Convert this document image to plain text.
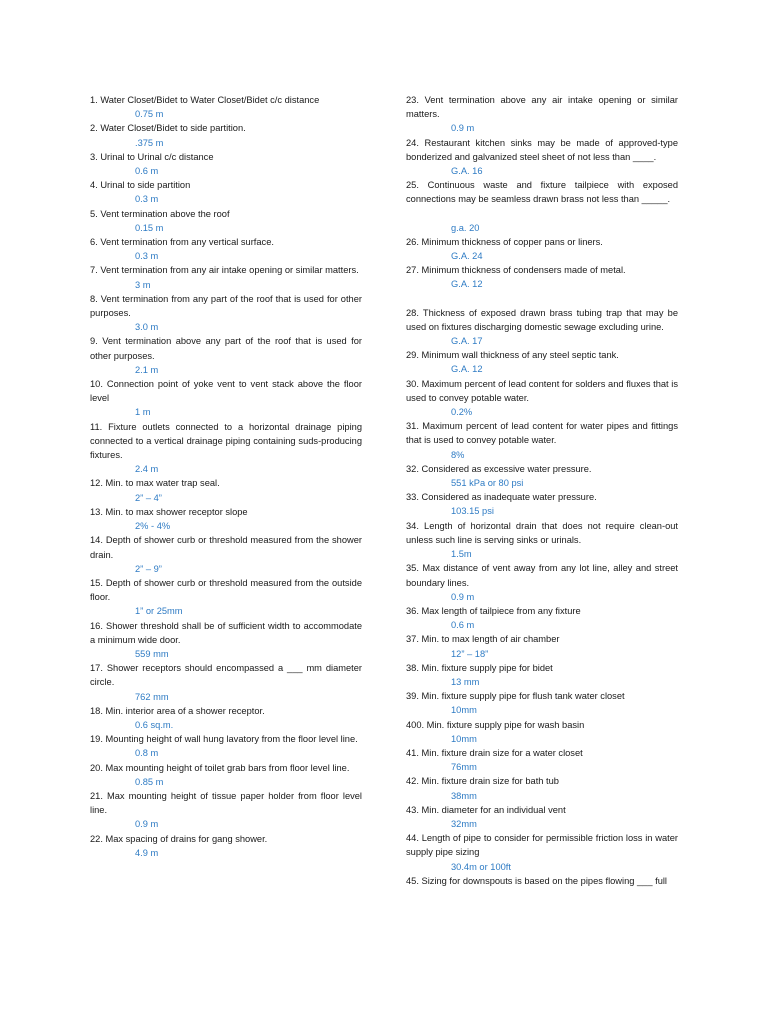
1. Water Closet/Bidet to Water Closet/Bidet c/c distance
0.75 m
2. Water Closet/Bidet to side partition.
.375 m
3. Urinal to Urinal c/c distance
0.6 m
4. Urinal to side partition
0.3 m
5. Vent termination above the roof
0.15 m
6. Vent termination from any vertical surface.
0.3 m
7. Vent termination from any air intake opening or similar matters.
3 m
8. Vent termination from any part of the roof that is used for other purposes.
3.0 m
9. Vent termination above any part of the roof that is used for other purposes.
2.1 m
10. Connection point of yoke vent to vent stack above the floor level
1 m
11. Fixture outlets connected to a horizontal drainage piping connected to a vertical drainage piping containing suds-producing fixtures.
2.4 m
12. Min. to max water trap seal.
2” – 4”
13. Min. to max shower receptor slope
2% - 4%
14. Depth of shower curb or threshold measured from the shower drain.
2” – 9”
15. Depth of shower curb or threshold measured from the outside floor.
1” or 25mm
16. Shower threshold shall be of sufficient width to accommodate a minimum wide door.
559 mm
17. Shower receptors should encompassed a ___ mm diameter circle.
762 mm
18. Min. interior area of a shower receptor.
0.6 sq.m.
19. Mounting height of wall hung lavatory from the floor level line.
0.8 m
20. Max mounting height of toilet grab bars from floor level line.
0.85 m
21. Max mounting height of tissue paper holder from floor level line.
0.9 m
22. Max spacing of drains for gang shower.
4.9 m
23. Vent termination above any air intake opening or similar matters.
0.9 m
24. Restaurant kitchen sinks may be made of approved-type bonderized and galvanized steel sheet of not less than ____.
G.A. 16
25. Continuous waste and fixture tailpiece with exposed connections may be seamless drawn brass not less than _____.
g.a. 20
26. Minimum thickness of copper pans or liners.
G.A. 24
27. Minimum thickness of condensers made of metal.
G.A. 12
28. Thickness of exposed drawn brass tubing trap that may be used on fixtures discharging domestic sewage excluding urine.
G.A. 17
29. Minimum wall thickness of any steel septic tank.
G.A. 12
30. Maximum percent of lead content for solders and fluxes that is used to convey potable water.
0.2%
31. Maximum percent of lead content for water pipes and fittings that is used to convey potable water.
8%
32. Considered as excessive water pressure.
551 kPa or 80 psi
33. Considered as inadequate water pressure.
103.15 psi
34. Length of horizontal drain that does not require clean-out unless such line is serving sinks or urinals.
1.5m
35. Max distance of vent away from any lot line, alley and street boundary lines.
0.9 m
36. Max length of tailpiece from any fixture
0.6 m
37. Min. to max length of air chamber
12” – 18”
38. Min. fixture supply pipe for bidet
13 mm
39. Min. fixture supply pipe for flush tank water closet
10mm
400. Min. fixture supply pipe for wash basin
10mm
41. Min. fixture drain size for a water closet
76mm
42. Min. fixture drain size for bath tub
38mm
43. Min. diameter for an individual vent
32mm
44. Length of pipe to consider for permissible friction loss in water supply pipe sizing
30.4m or 100ft
45. Sizing for downspouts is based on the pipes flowing ___ full
